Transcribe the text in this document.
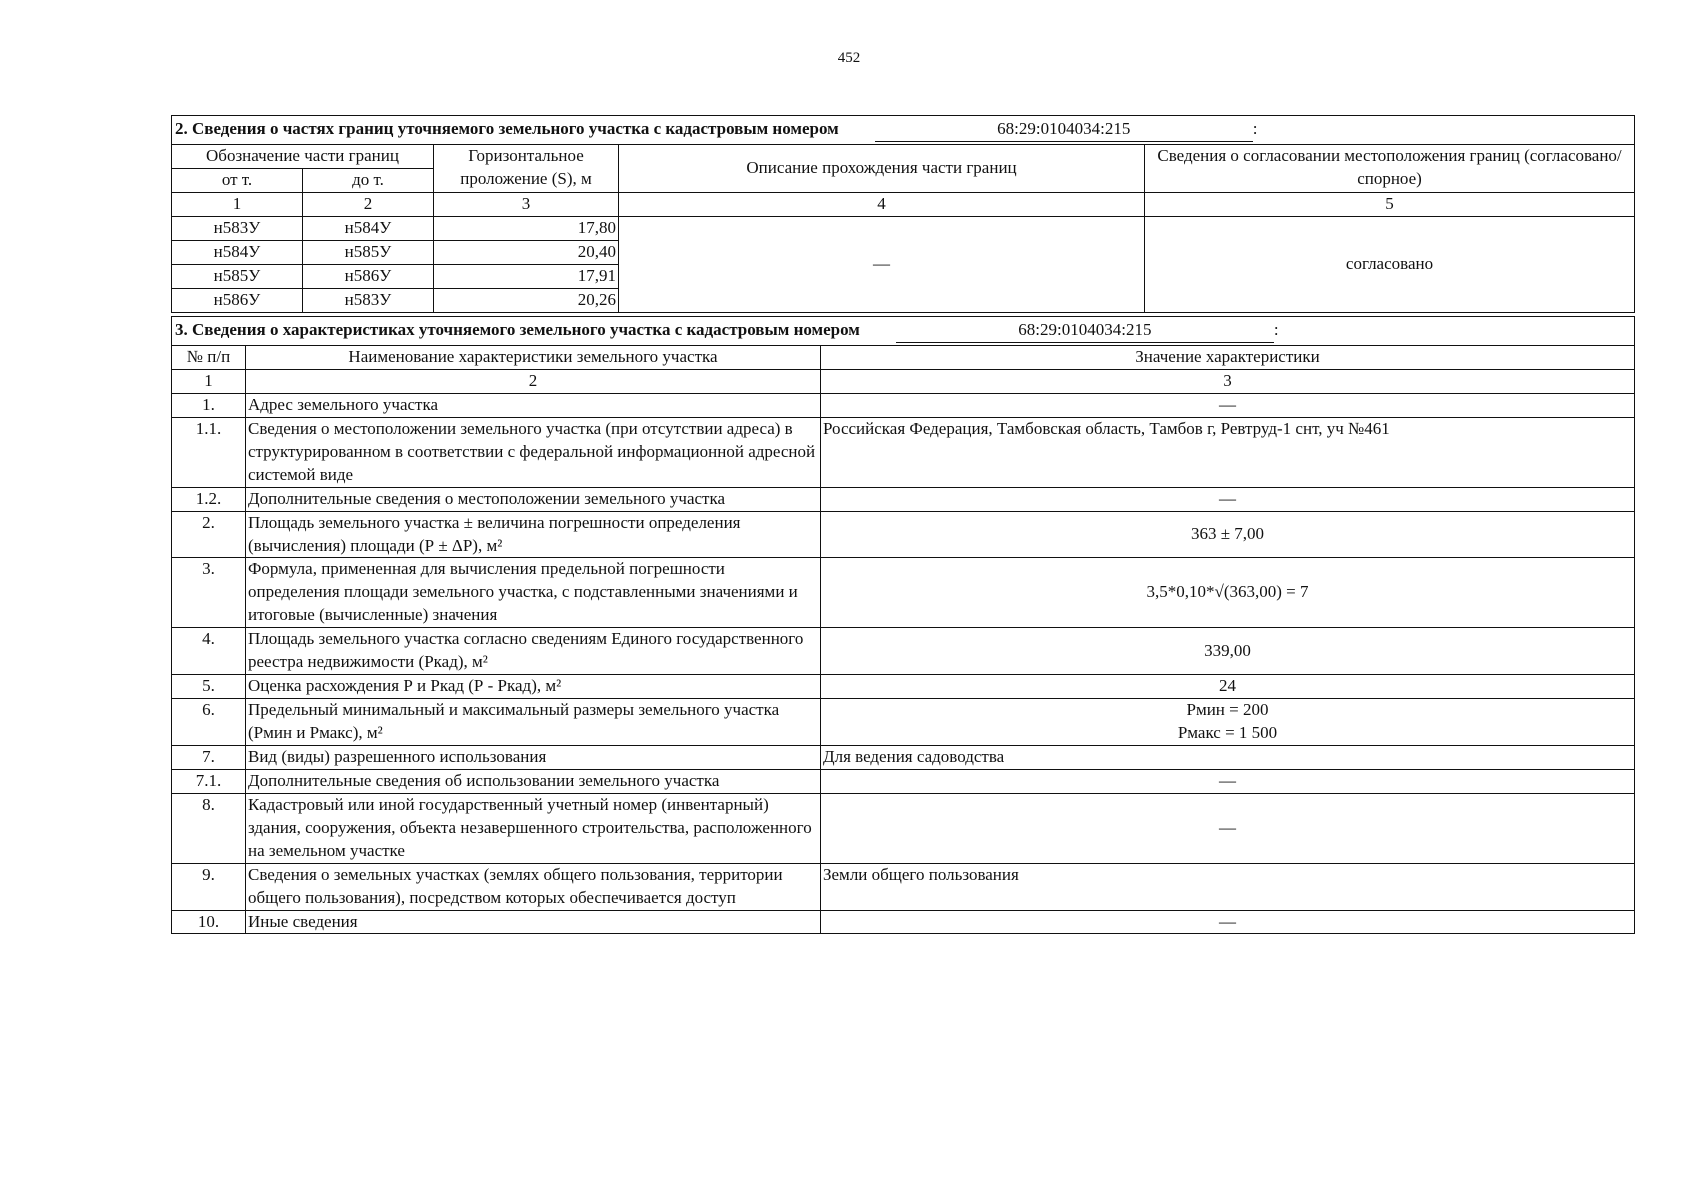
452
2. Сведения о частях границ уточняемого земельного участка с кадастровым номером 68:29:0104034:215 :				
Обозначение части границ		Горизонтальное проложение (S), м	Описание прохождения части границ	Сведения о согласовании местоположения границ (согласовано/спорное)
от т.	до т.			
1	2	3	4	5
н583У	н584У	17,80	—	согласовано
н584У	н585У	20,40		
н585У	н586У	17,91		
н586У	н583У	20,26		
3. Сведения о характеристиках уточняемого земельного участка с кадастровым номером 68:29:0104034:215 :		
№ п/п	Наименование характеристики земельного участка	Значение характеристики
1	2	3
1.	Адрес земельного участка	—
1.1.	Сведения о местоположении земельного участка (при отсутствии адреса) в структурированном в соответствии с федеральной информационной адресной системой виде	Российская Федерация, Тамбовская область, Тамбов г, Ревтруд-1 снт, уч №461
1.2.	Дополнительные сведения о местоположении земельного участка	—
2.	Площадь земельного участка ± величина погрешности определения (вычисления) площади (Р ± ΔР), м²	363 ± 7,00
3.	Формула, примененная для вычисления предельной погрешности определения площади земельного участка, с подставленными значениями и итоговые (вычисленные) значения	3,5*0,10*√(363,00) = 7
4.	Площадь земельного участка согласно сведениям Единого государственного реестра недвижимости (Ркад), м²	339,00
5.	Оценка расхождения Р и Ркад (Р - Ркад), м²	24
6.	Предельный минимальный и максимальный размеры земельного участка (Рмин и Рмакс), м²	Рмин = 200
Рмакс = 1 500

7.	Вид (виды) разрешенного использования	Для ведения садоводства
7.1.	Дополнительные сведения об использовании земельного участка	—
8.	Кадастровый или иной государственный учетный номер (инвентарный) здания, сооружения, объекта незавершенного строительства, расположенного на земельном участке	—
9.	Сведения о земельных участках (землях общего пользования, территории общего пользования), посредством которых обеспечивается доступ	Земли общего пользования
10.	Иные сведения	—
